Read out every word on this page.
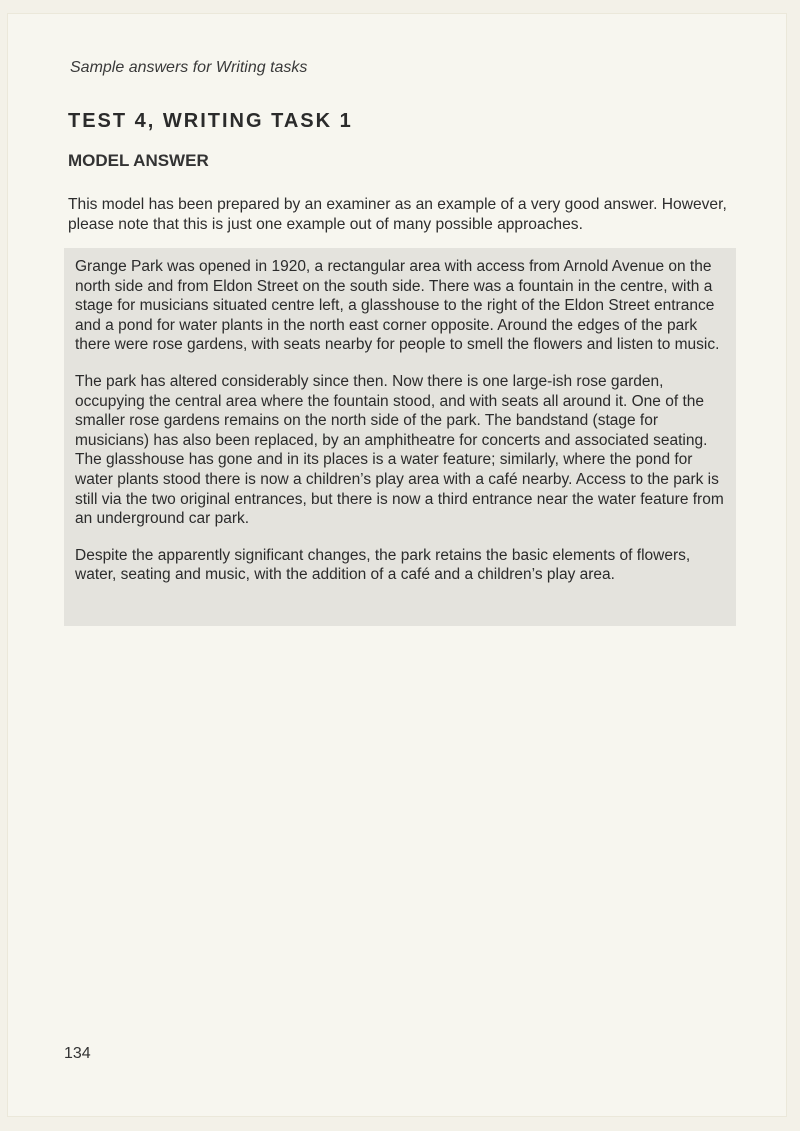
Sample answers for Writing tasks
TEST 4, WRITING TASK 1
MODEL ANSWER

This model has been prepared by an examiner as an example of a very good answer. However, please note that this is just one example out of many possible approaches.

Grange Park was opened in 1920, a rectangular area with access from Arnold Avenue on the north side and from Eldon Street on the south side. There was a fountain in the centre, with a stage for musicians situated centre left, a glasshouse to the right of the Eldon Street entrance and a pond for water plants in the north east corner opposite. Around the edges of the park there were rose gardens, with seats nearby for people to smell the flowers and listen to music.

The park has altered considerably since then. Now there is one large-ish rose garden, occupying the central area where the fountain stood, and with seats all around it. One of the smaller rose gardens remains on the north side of the park. The bandstand (stage for musicians) has also been replaced, by an amphitheatre for concerts and associated seating. The glasshouse has gone and in its places is a water feature; similarly, where the pond for water plants stood there is now a children’s play area with a café nearby. Access to the park is still via the two original entrances, but there is now a third entrance near the water feature from an underground car park.

Despite the apparently significant changes, the park retains the basic elements of flowers, water, seating and music, with the addition of a café and a children’s play area.

134
